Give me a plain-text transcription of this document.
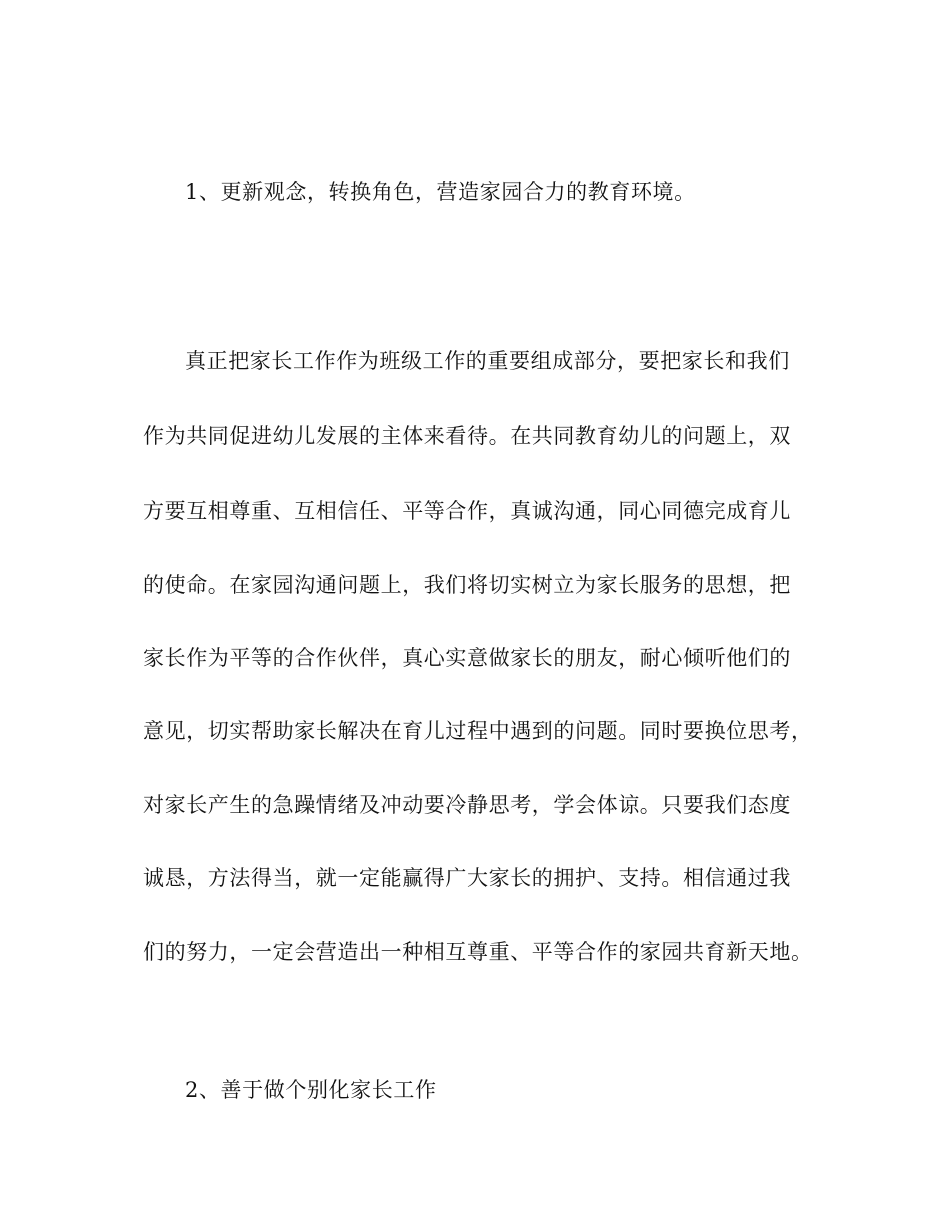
1、更新观念，转换角色，营造家园合力的教育环境。
真正把家长工作作为班级工作的重要组成部分，要把家长和我们
作为共同促进幼儿发展的主体来看待。在共同教育幼儿的问题上，双
方要互相尊重、互相信任、平等合作，真诚沟通，同心同德完成育儿
的使命。在家园沟通问题上，我们将切实树立为家长服务的思想，把
家长作为平等的合作伙伴，真心实意做家长的朋友，耐心倾听他们的
意见，切实帮助家长解决在育儿过程中遇到的问题。同时要换位思考，
对家长产生的急躁情绪及冲动要冷静思考，学会体谅。只要我们态度
诚恳，方法得当，就一定能赢得广大家长的拥护、支持。相信通过我
们的努力，一定会营造出一种相互尊重、平等合作的家园共育新天地。
2、善于做个别化家长工作
